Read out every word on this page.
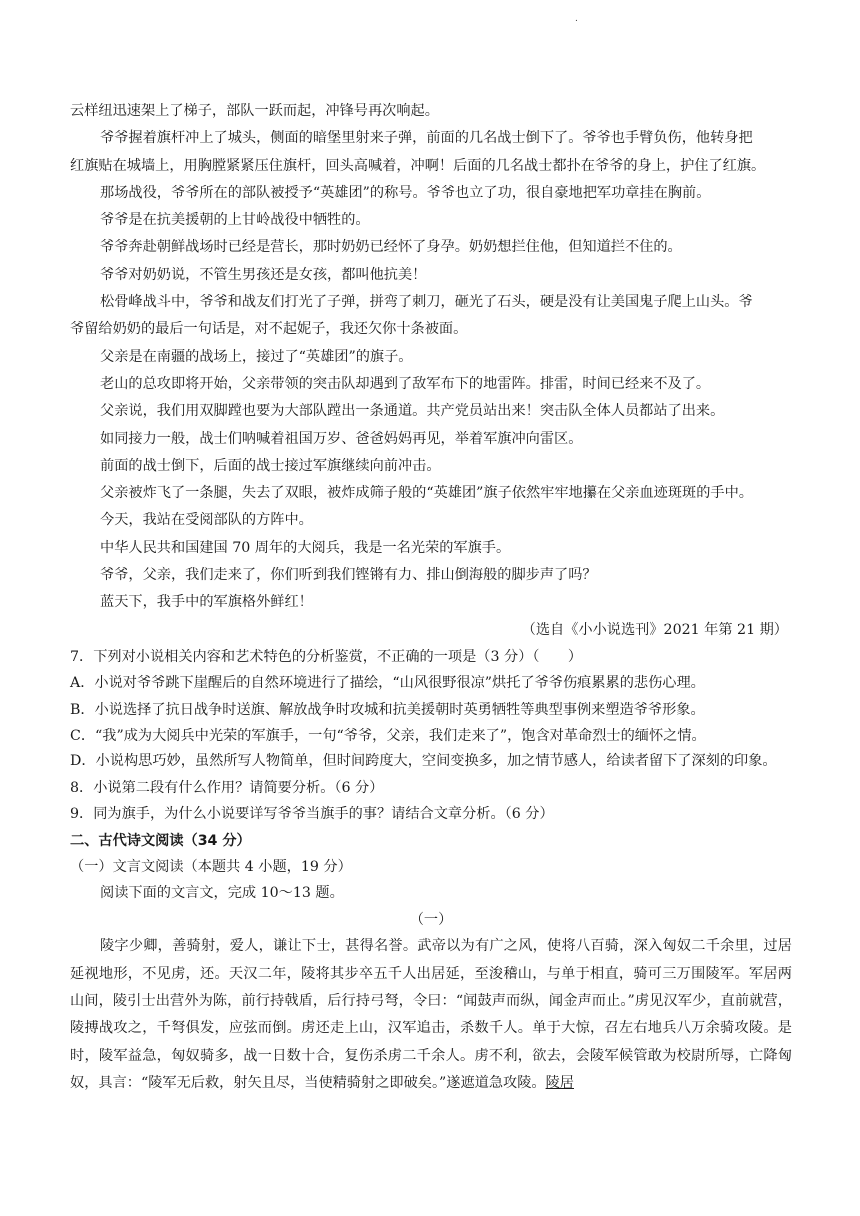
.

云样纽迅速架上了梯子，部队一跃而起，冲锋号再次响起。

爷爷握着旗杆冲上了城头，侧面的暗堡里射来子弹，前面的几名战士倒下了。爷爷也手臂负伤，他转身把

红旗贴在城墙上，用胸膛紧紧压住旗杆，回头高喊着，冲啊！后面的几名战士都扑在爷爷的身上，护住了红旗。

那场战役，爷爷所在的部队被授予“英雄团”的称号。爷爷也立了功，很自豪地把军功章挂在胸前。

爷爷是在抗美援朝的上甘岭战役中牺牲的。

爷爷奔赴朝鲜战场时已经是营长，那时奶奶已经怀了身孕。奶奶想拦住他，但知道拦不住的。

爷爷对奶奶说，不管生男孩还是女孩，都叫他抗美！

松骨峰战斗中，爷爷和战友们打光了子弹，拼弯了刺刀，砸光了石头，硬是没有让美国鬼子爬上山头。爷

爷留给奶奶的最后一句话是，对不起妮子，我还欠你十条被面。

父亲是在南疆的战场上，接过了“英雄团”的旗子。

老山的总攻即将开始，父亲带领的突击队却遇到了敌军布下的地雷阵。排雷，时间已经来不及了。

父亲说，我们用双脚蹚也要为大部队蹚出一条通道。共产党员站出来！突击队全体人员都站了出来。

如同接力一般，战士们呐喊着祖国万岁、爸爸妈妈再见，举着军旗冲向雷区。

前面的战士倒下，后面的战士接过军旗继续向前冲击。

父亲被炸飞了一条腿，失去了双眼，被炸成筛子般的“英雄团”旗子依然牢牢地攥在父亲血迹斑斑的手中。

今天，我站在受阅部队的方阵中。

中华人民共和国建国 70 周年的大阅兵，我是一名光荣的军旗手。

爷爷，父亲，我们走来了，你们听到我们铿锵有力、排山倒海般的脚步声了吗？

蓝天下，我手中的军旗格外鲜红！

（选自《小小说选刊》2021 年第 21 期）

7．下列对小说相关内容和艺术特色的分析鉴赏，不正确的一项是（3 分）（　　）

A．小说对爷爷跳下崖醒后的自然环境进行了描绘，“山风很野很凉”烘托了爷爷伤痕累累的悲伤心理。

B．小说选择了抗日战争时送旗、解放战争时攻城和抗美援朝时英勇牺牲等典型事例来塑造爷爷形象。

C．“我”成为大阅兵中光荣的军旗手，一句“爷爷，父亲，我们走来了”，饱含对革命烈士的缅怀之情。

D．小说构思巧妙，虽然所写人物简单，但时间跨度大，空间变换多，加之情节感人，给读者留下了深刻的印象。

8．小说第二段有什么作用？请简要分析。（6 分）

9．同为旗手，为什么小说要详写爷爷当旗手的事？请结合文章分析。（6 分）

二、古代诗文阅读（34 分）

（一）文言文阅读（本题共 4 小题，19 分）

阅读下面的文言文，完成 10～13 题。

（一）

陵字少卿，善骑射，爱人，谦让下士，甚得名誉。武帝以为有广之风，使将八百骑，深入匈奴二千余里，过居延视地形，不见虏，还。天汉二年，陵将其步卒五千人出居延，至浚稽山，与单于相直，骑可三万围陵军。军居两山间，陵引士出营外为陈，前行持戟盾，后行持弓弩，令曰：“闻鼓声而纵，闻金声而止。”虏见汉军少，直前就营，陵搏战攻之，千弩俱发，应弦而倒。虏还走上山，汉军追击，杀数千人。单于大惊，召左右地兵八万余骑攻陵。是时，陵军益急，匈奴骑多，战一日数十合，复伤杀虏二千余人。虏不利，欲去，会陵军候管敢为校尉所辱，亡降匈奴，具言：“陵军无后救，射矢且尽，当使精骑射之即破矣。”遂遮道急攻陵。陵居
